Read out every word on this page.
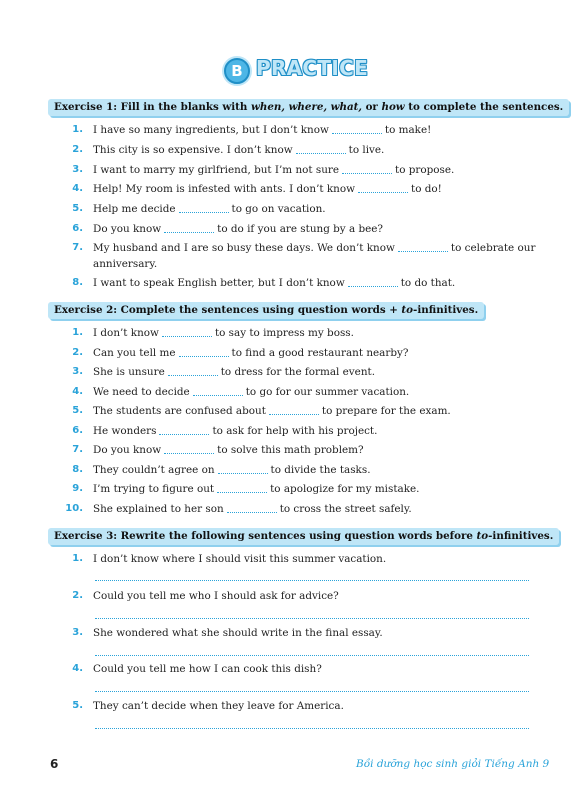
B PRACTICE
Exercise 1: Fill in the blanks with when, where, what, or how to complete the sentences.
1. I have so many ingredients, but I don’t know	to make!
2. This city is so expensive. I don’t know	to live.
3. I want to marry my girlfriend, but I’m not sure	to propose.
4. Help! My room is infested with ants. I don’t know	to do!
5. Help me decide	to go on vacation.
6. Do you know	to do if you are stung by a bee?
7. My husband and I are so busy these days. We don’t know	to celebrate our
anniversary.
8. I want to speak English better, but I don’t know	to do that.
Exercise 2: Complete the sentences using question words + to-infinitives.
1. I don’t know	to say to impress my boss.
2. Can you tell me	to find a good restaurant nearby?
3. She is unsure	to dress for the formal event.
4. We need to decide	to go for our summer vacation.
5. The students are confused about	to prepare for the exam.
6. He wonders	to ask for help with his project.
7. Do you know	to solve this math problem?
8. They couldn’t agree on	to divide the tasks.
9. I’m trying to figure out	to apologize for my mistake.
10. She explained to her son	to cross the street safely.
Exercise 3: Rewrite the following sentences using question words before to-infinitives.
1. I don’t know where I should visit this summer vacation.
2. Could you tell me who I should ask for advice?
3. She wondered what she should write in the final essay.
4. Could you tell me how I can cook this dish?
5. They can’t decide when they leave for America.
6	Bồi dưỡng học sinh giỏi Tiếng Anh 9
